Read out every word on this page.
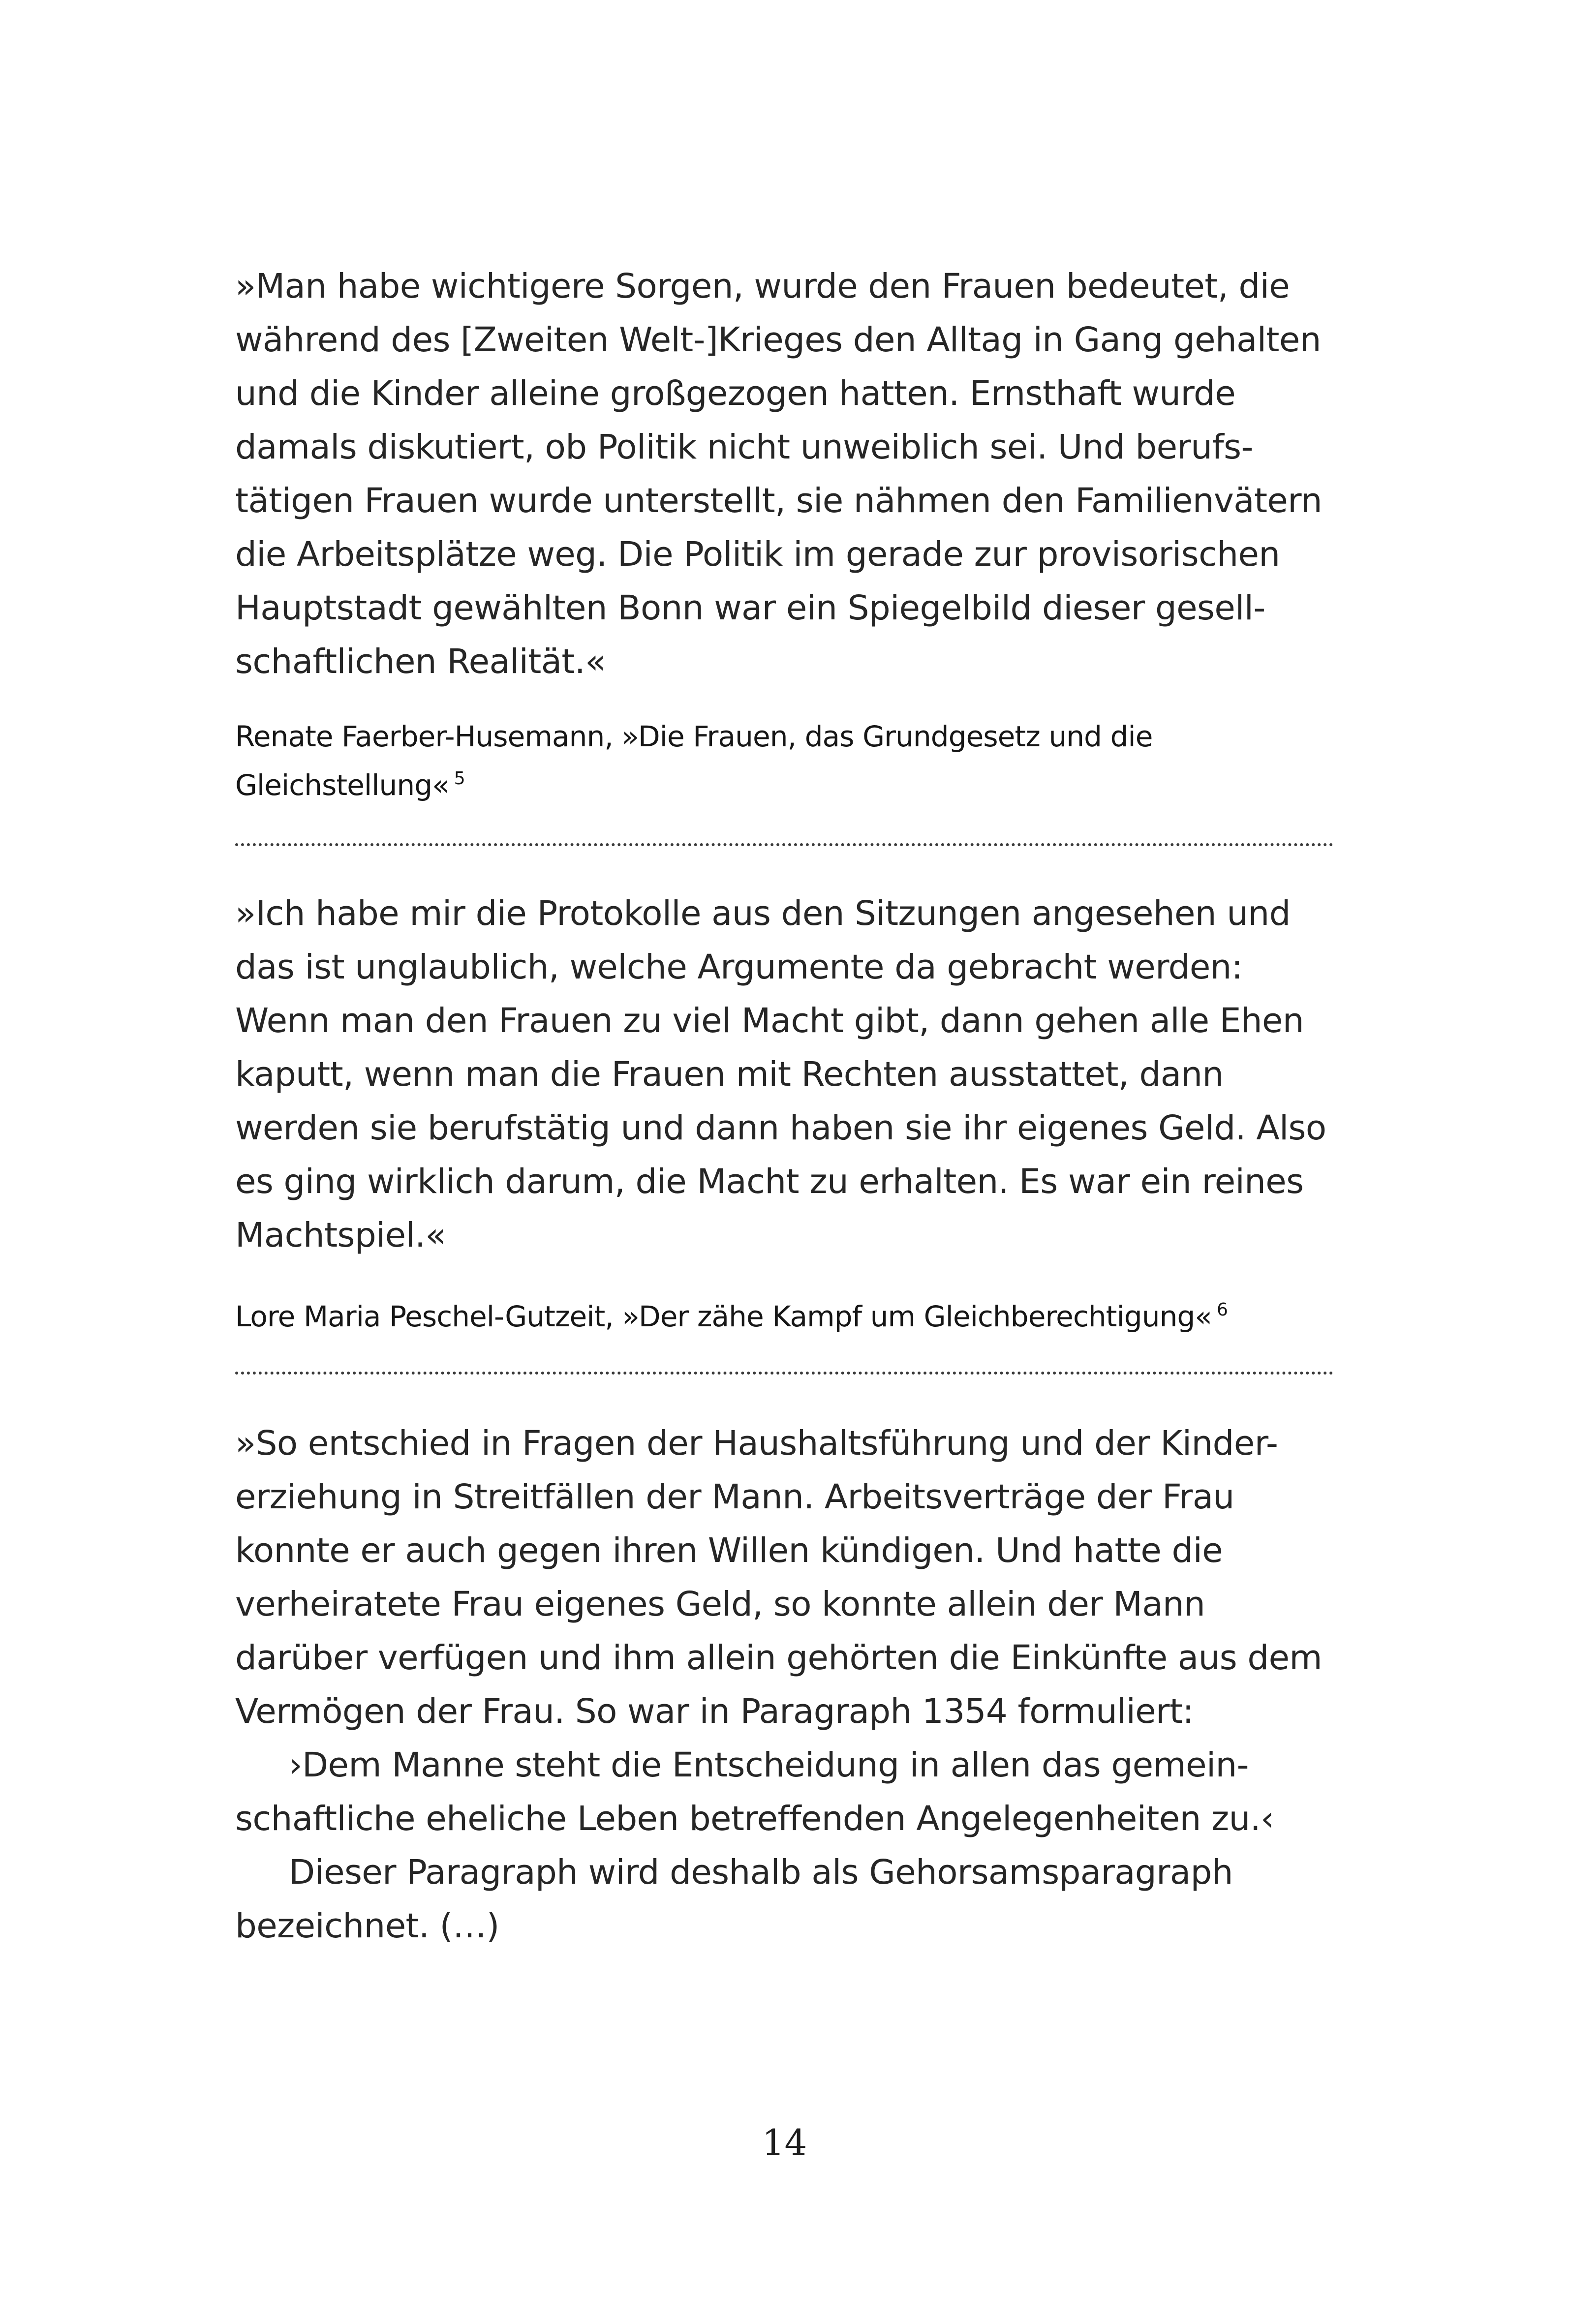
»Man habe wichtigere Sorgen, wurde den Frauen bedeutet, die
während des [Zweiten Welt-]Krieges den Alltag in Gang gehalten
und die Kinder alleine großgezogen hatten. Ernsthaft wurde
damals diskutiert, ob Politik nicht unweiblich sei. Und berufs-
tätigen Frauen wurde unterstellt, sie nähmen den Familienvätern
die Arbeitsplätze weg. Die Politik im gerade zur provisorischen
Hauptstadt gewählten Bonn war ein Spiegelbild dieser gesell-
schaftlichen Realität.«
Renate Faerber-Husemann, »Die Frauen, das Grundgesetz und die
Gleichstellung« $^5$
»Ich habe mir die Protokolle aus den Sitzungen angesehen und
das ist unglaublich, welche Argumente da gebracht werden:
Wenn man den Frauen zu viel Macht gibt, dann gehen alle Ehen
kaputt, wenn man die Frauen mit Rechten ausstattet, dann
werden sie berufstätig und dann haben sie ihr eigenes Geld. Also
es ging wirklich darum, die Macht zu erhalten. Es war ein reines
Machtspiel.«
Lore Maria Peschel-Gutzeit, »Der zähe Kampf um Gleichberechtigung« $^6$
»So entschied in Fragen der Haushaltsführung und der Kinder-
erziehung in Streitfällen der Mann. Arbeitsverträge der Frau
konnte er auch gegen ihren Willen kündigen. Und hatte die
verheiratete Frau eigenes Geld, so konnte allein der Mann
darüber verfügen und ihm allein gehörten die Einkünfte aus dem
Vermögen der Frau. So war in Paragraph 1354 formuliert:
›Dem Manne steht die Entscheidung in allen das gemein-
schaftliche eheliche Leben betreffenden Angelegenheiten zu.‹
Dieser Paragraph wird deshalb als Gehorsamsparagraph
bezeichnet. (…)
14
